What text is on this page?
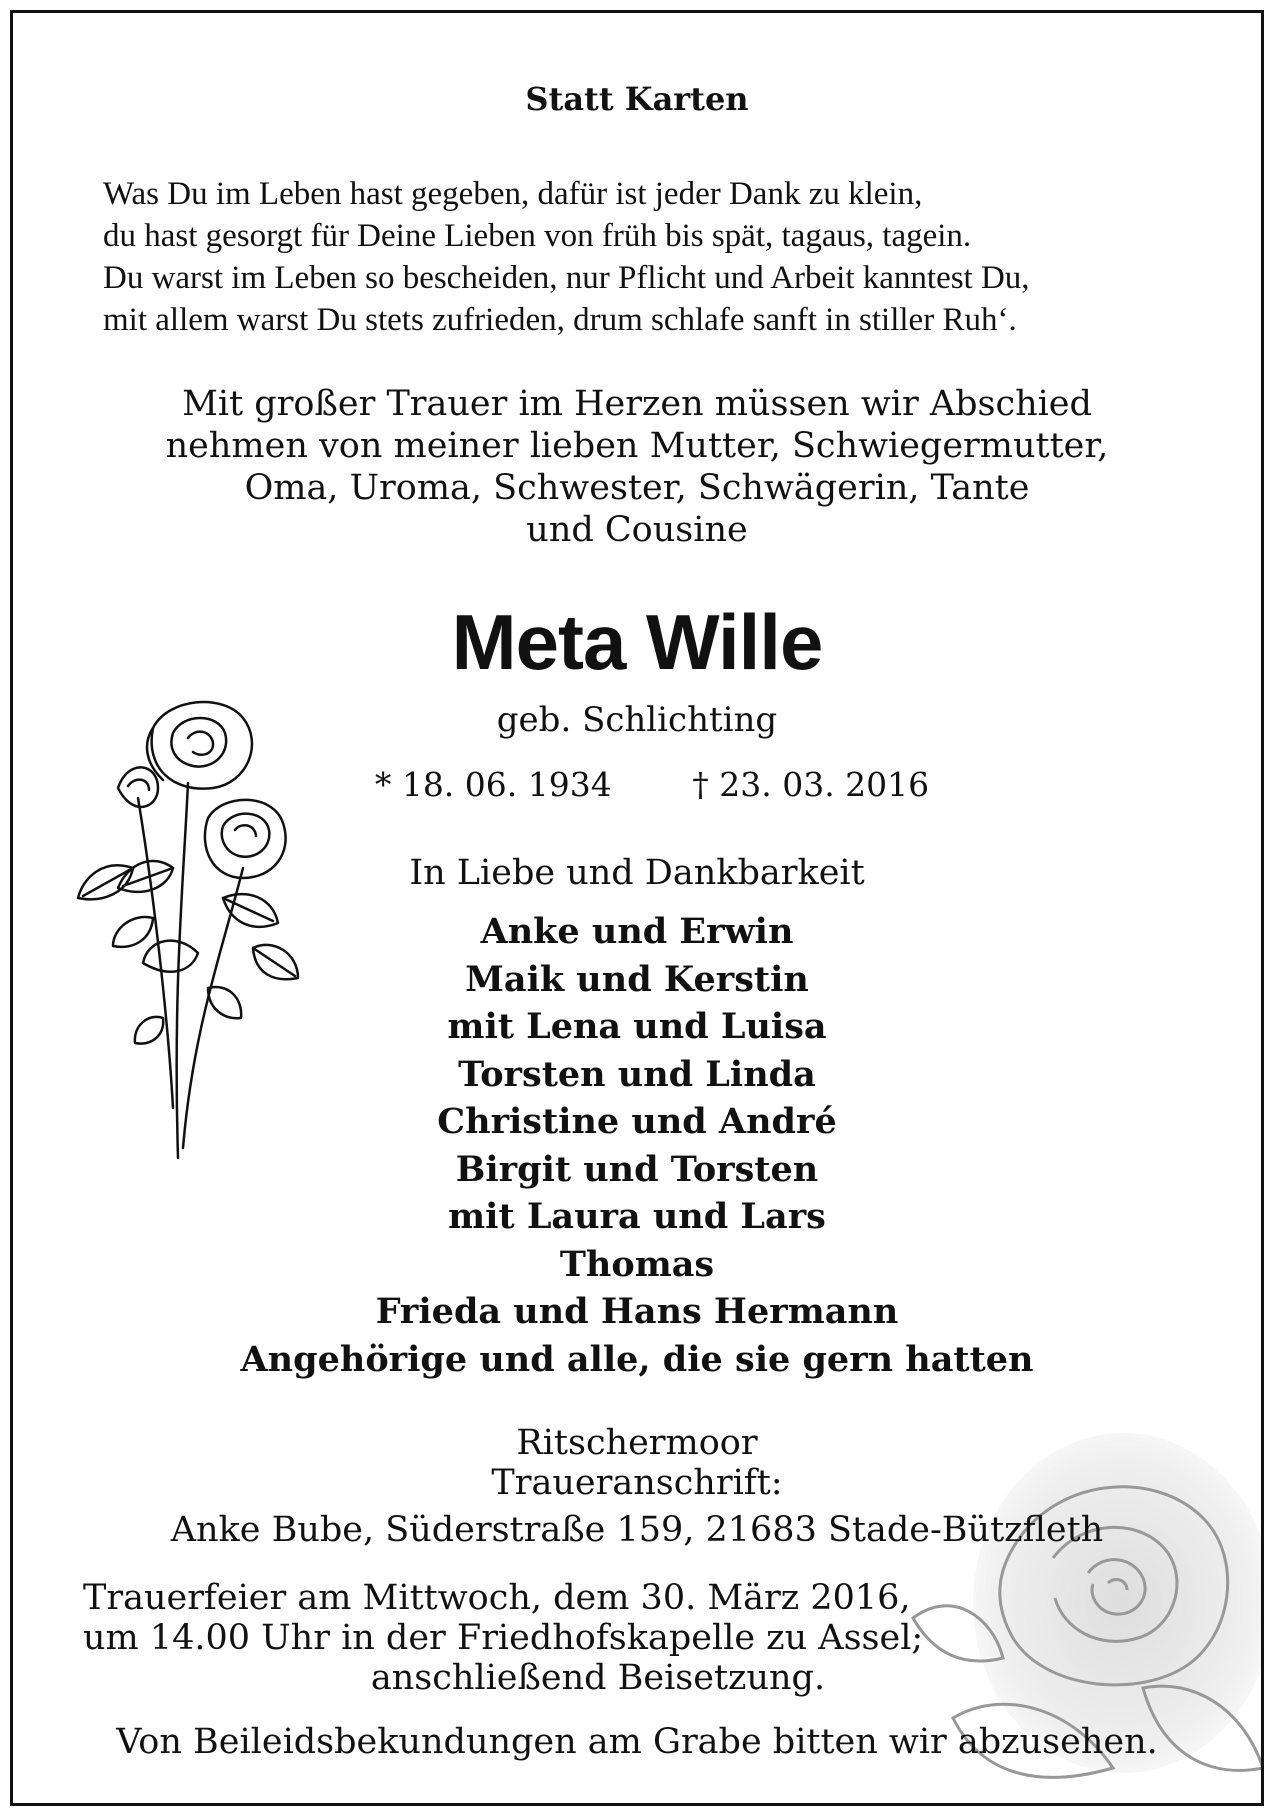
Statt Karten
Was Du im Leben hast gegeben, dafür ist jeder Dank zu klein,
du hast gesorgt für Deine Lieben von früh bis spät, tagaus, tagein.
Du warst im Leben so bescheiden, nur Pflicht und Arbeit kanntest Du,
mit allem warst Du stets zufrieden, drum schlafe sanft in stiller Ruh‘.
Mit großer Trauer im Herzen müssen wir Abschied
nehmen von meiner lieben Mutter, Schwiegermutter,
Oma, Uroma, Schwester, Schwägerin, Tante
und Cousine
Meta Wille
geb. Schlichting
* 18. 06. 1934 † 23. 03. 2016
In Liebe und Dankbarkeit
Anke und Erwin
Maik und Kerstin
mit Lena und Luisa
Torsten und Linda
Christine und André
Birgit und Torsten
mit Laura und Lars
Thomas
Frieda und Hans Hermann
Angehörige und alle, die sie gern hatten
Ritschermoor
Traueranschrift:
Anke Bube, Süderstraße 159, 21683 Stade-Bützfleth
Trauerfeier am Mittwoch, dem 30. März 2016,
um 14.00 Uhr in der Friedhofskapelle zu Assel;
anschließend Beisetzung.
Von Beileidsbekundungen am Grabe bitten wir abzusehen.
